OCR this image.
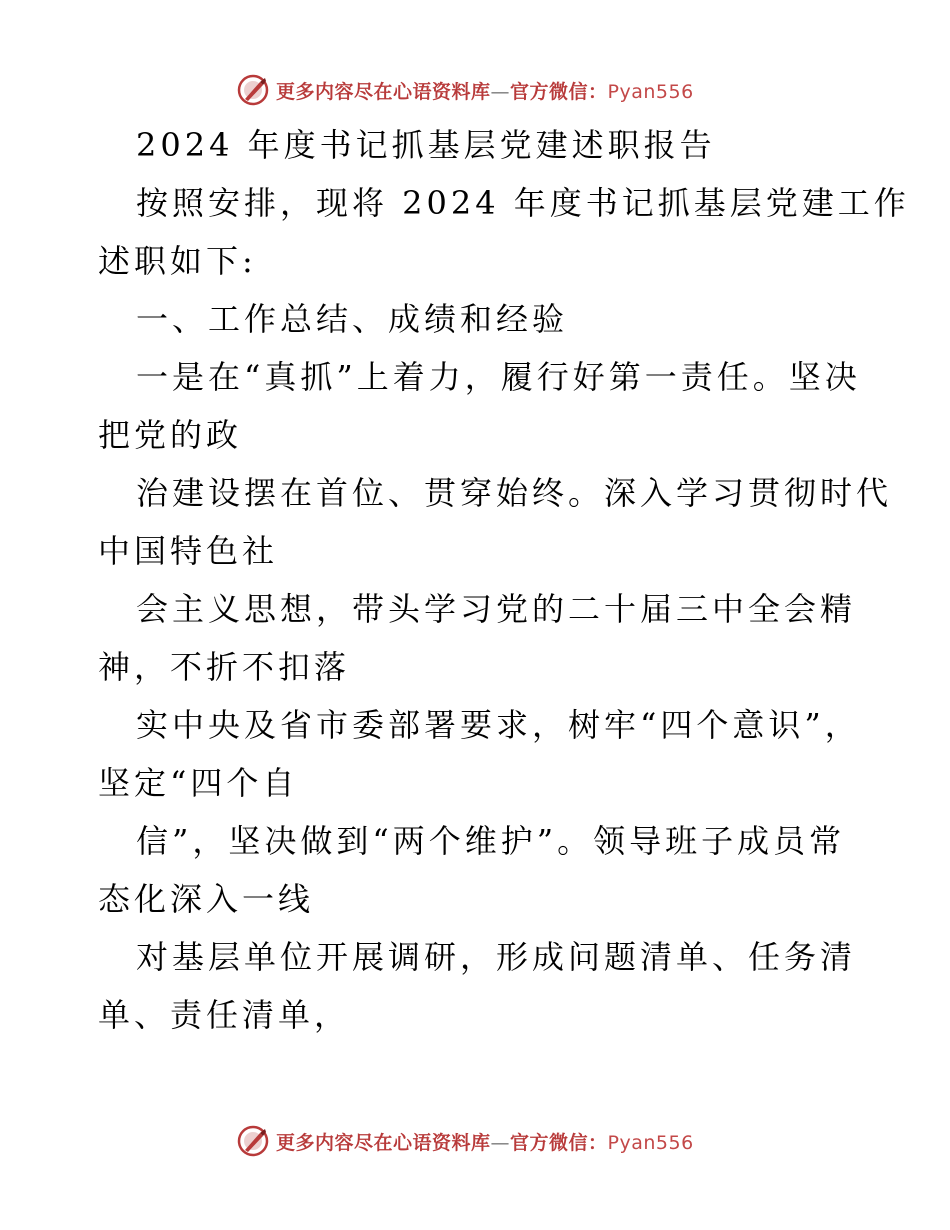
更多内容尽在心语资料库—官方微信：Pyan556
2024 年度书记抓基层党建述职报告
按照安排，现将 2024 年度书记抓基层党建工作
述职如下:
一、工作总结、成绩和经验
一是在“真抓”上着力，履行好第一责任。坚决
把党的政
治建设摆在首位、贯穿始终。深入学习贯彻时代
中国特色社
会主义思想，带头学习党的二十届三中全会精
神，不折不扣落
实中央及省市委部署要求，树牢“四个意识”，
坚定“四个自
信”，坚决做到“两个维护”。领导班子成员常
态化深入一线
对基层单位开展调研，形成问题清单、任务清
单、责任清单，
更多内容尽在心语资料库—官方微信：Pyan556
